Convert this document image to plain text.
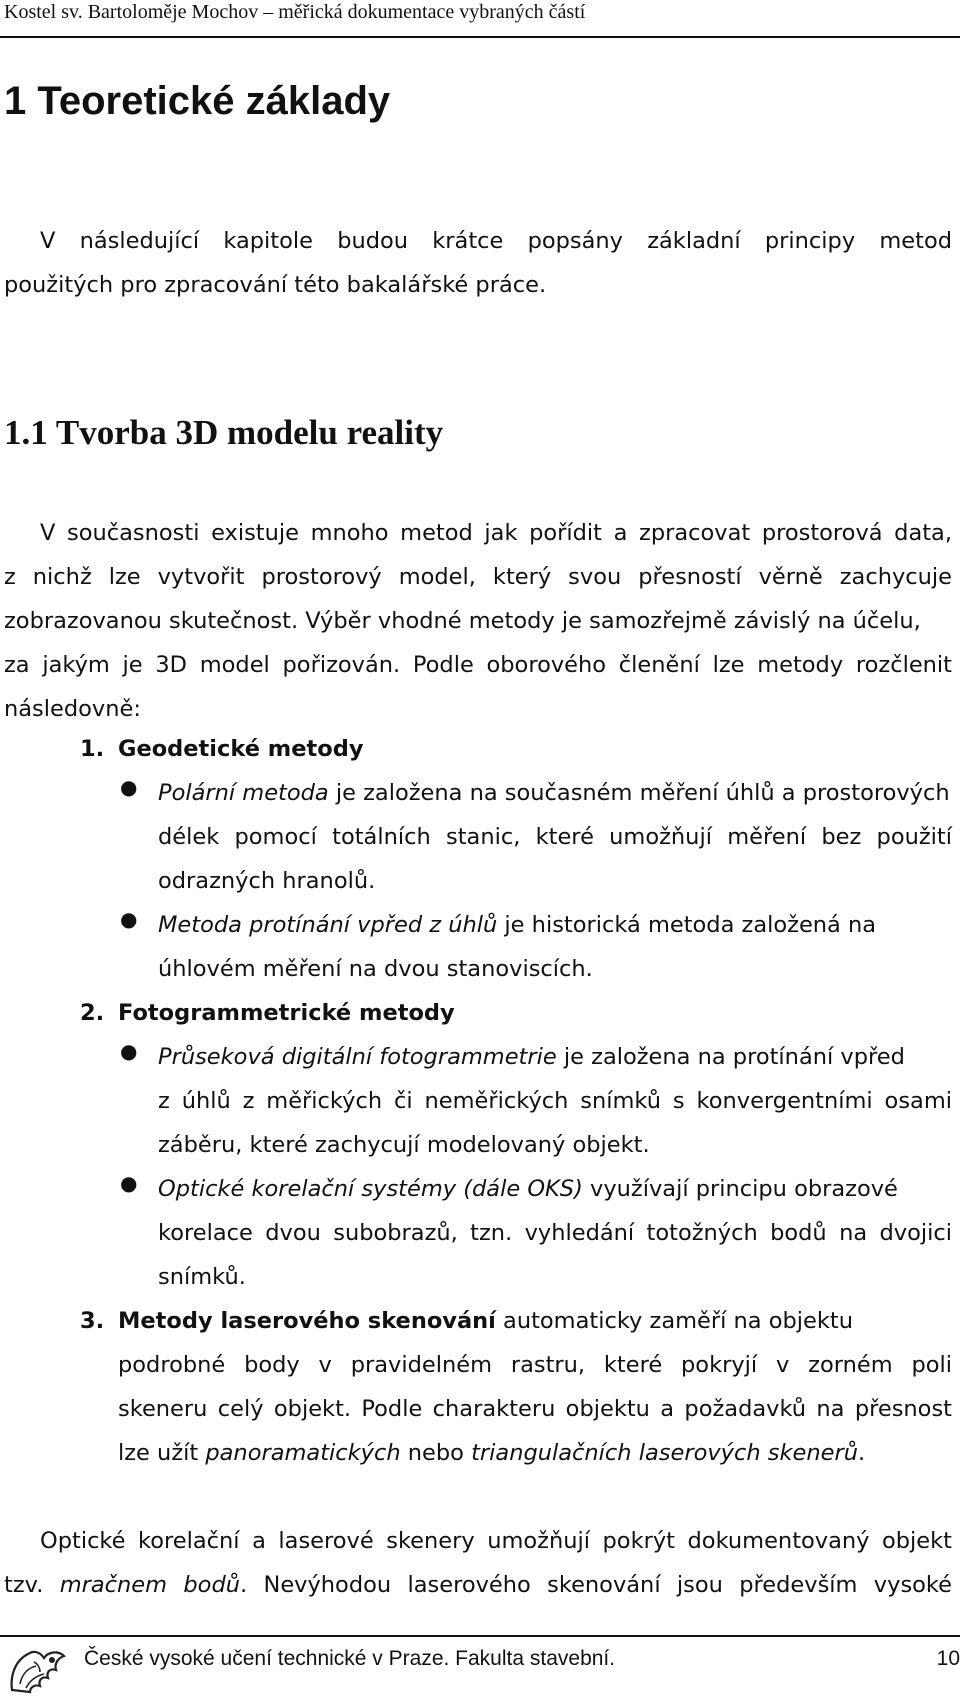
Kostel sv. Bartoloměje Mochov – měřická dokumentace vybraných částí
1 Teoretické základy
V následující kapitole budou krátce popsány základní principy metod
použitých pro zpracování této bakalářské práce.
1.1 Tvorba 3D modelu reality
V současnosti existuje mnoho metod jak pořídit a zpracovat prostorová data,
z nichž lze vytvořit prostorový model, který svou přesností věrně zachycuje
zobrazovanou skutečnost. Výběr vhodné metody je samozřejmě závislý na účelu,
za jakým je 3D model pořizován. Podle oborového členění lze metody rozčlenit
následovně:
1. Geodetické metody
● Polární metoda je založena na současném měření úhlů a prostorových
délek pomocí totálních stanic, které umožňují měření bez použití
odrazných hranolů.
● Metoda protínání vpřed z úhlů je historická metoda založená na
úhlovém měření na dvou stanoviscích.
2. Fotogrammetrické metody
● Průseková digitální fotogrammetrie je založena na protínání vpřed
z úhlů z měřických či neměřických snímků s konvergentními osami
záběru, které zachycují modelovaný objekt.
● Optické korelační systémy (dále OKS) využívají principu obrazové
korelace dvou subobrazů, tzn. vyhledání totožných bodů na dvojici
snímků.
3. Metody laserového skenování automaticky zaměří na objektu
podrobné body v pravidelném rastru, které pokryjí v zorném poli
skeneru celý objekt. Podle charakteru objektu a požadavků na přesnost
lze užít panoramatických nebo triangulačních laserových skenerů.
Optické korelační a laserové skenery umožňují pokrýt dokumentovaný objekt
tzv. mračnem bodů. Nevýhodou laserového skenování jsou především vysoké
České vysoké učení technické v Praze. Fakulta stavební.	10
